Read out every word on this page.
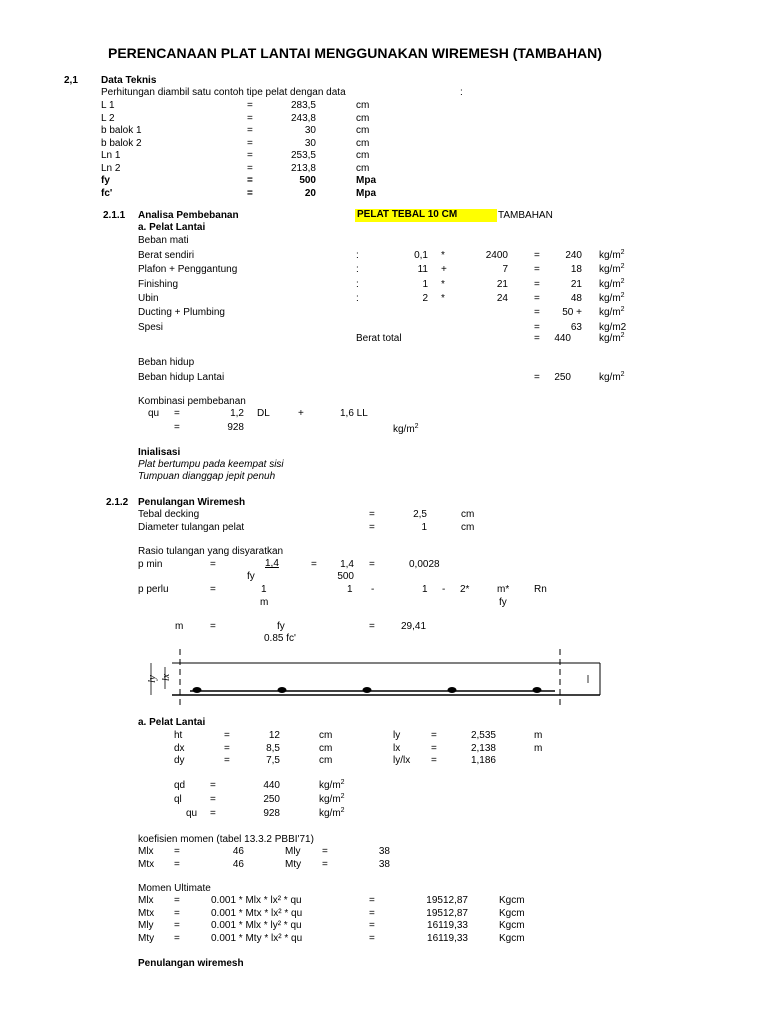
PERENCANAAN PLAT LANTAI MENGGUNAKAN WIREMESH (TAMBAHAN)
2,1 Data Teknis
Perhitungan diambil satu contoh tipe pelat dengan data	:
L 1	=	283,5	cm
L 2	=	243,8	cm
b balok 1	=	30	cm
b balok 2	=	30	cm
Ln 1	=	253,5	cm
Ln 2	=	213,8	cm
fy	=	500	Mpa
fc'	=	20	Mpa
2.1.1 Analisa Pembebanan	PELAT TEBAL 10 CM	TAMBAHAN
a. Pelat Lantai
Beban mati
Berat sendiri	:	0,1 *	2400	=	240 $kg/m^2$
Plafon + Penggantung	:	11 +	7	=	18 $kg/m^2$
Finishing	:	1 *	21	=	21 $kg/m^2$
Ubin	:	2 *	24	=	48 $kg/m^2$
Ducting + Plumbing	=	$50 + kg/m^2$
Spesi	=	63 kg/m2
Berat total	=	440	$kg/m^2$
Beban hidup
Beban hidup Lantai	=	250	$kg/m^2$
Kombinasi pembebanan
qu =	1,2 DL	+	1,6 LL
=	928	$kg/m^2$
Inialisasi
Plat bertumpu pada keempat sisi
Tumpuan dianggap jepit penuh
2.1.2 Penulangan Wiremesh
Tebal decking	=	2,5	cm
Diameter tulangan pelat	=	1	cm
Rasio tulangan yang disyaratkan
p min	=	1,4
fy
=	1,4
500
=	0,0028
p perlu	=	1
m
1 -	1 - 2*	m* Rn
fy
m	=	fy
0.85 fc'
=	29,41
ly lx
a. Pelat Lantai
ht	=	12	cm
dx	=	8,5	cm
dy	=	7,5	cm
ly	=	2,535	m
lx	=	2,138	m
ly/lx =	1,186
qd =	440	$kg/m^2$
ql	=	250	$kg/m^2$
qu =	928	$kg/m^2$
koefisien momen (tabel 13.3.2 PBBI'71)
Mlx =	46	Mly =	38
Mtx =	46	Mty =	38
Momen Ultimate
Mlx =	0.001 * Mlx * lx² * qu	=	19512,87	Kgcm
Mtx =	0.001 * Mtx * lx² * qu	=	19512,87	Kgcm
Mly =	0.001 * Mlx * ly² * qu	=	16119,33	Kgcm
Mty =	0.001 * Mty * lx² * qu	=	16119,33	Kgcm
Penulangan wiremesh
